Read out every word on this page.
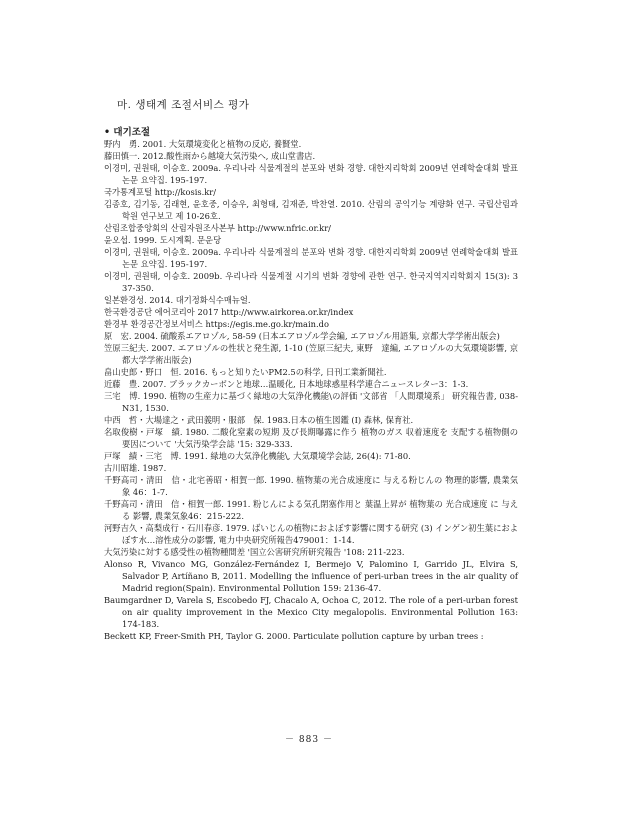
마. 생태계 조절서비스 평가
• 대기조절
野内　勇. 2001. 大気環境変化と植物の反応, 養賢堂.
藤田慎一. 2012.酸性雨から越境大気汚染へ, 成山堂書店.
이경미, 권원태, 이승호. 2009a. 우리나라 식물계절의 분포와 변화 경향. 대한지리학회 2009년 연례학술대회 발표논문 요약집. 195-197.
국가통계포털 http://kosis.kr/
김종호, 김기동, 김래현, 윤호중, 이승우, 최형태, 김재준, 박찬열. 2010. 산림의 공익기능 계량화 연구. 국립산림과학원 연구보고 제 10-26호.
산림조합중앙회의 산림자원조사본부 http://www.nfric.or.kr/
윤오섭. 1999. 도시계획. 문운당
이경미, 권원태, 이승호. 2009a. 우리나라 식물계절의 분포와 변화 경향. 대한지리학회 2009년 연례학술대회 발표논문 요약집. 195-197.
이경미, 권원태, 이승호. 2009b. 우리나라 식물계절 시기의 변화 경향에 관한 연구. 한국지역지리학회지 15(3): 337-350.
일본환경성. 2014. 대기정화식수매뉴얼.
한국환경공단 에어코리아 2017 http://www.airkorea.or.kr/index
환경부 환경공간정보서비스 https://egis.me.go.kr/main.do
原　宏. 2004. 硫酸系エアロゾル, 58-59 (日本エアロゾル学会編, エアロゾル用語集, 京都大学学術出版会)
笠原三紀夫. 2007. エアロゾルの性状と発生源, 1-10 (笠原三紀夫, 東野　達編, エアロゾルの大気環境影響, 京都大学学術出版会)
畠山史郎・野口　恒. 2016. もっと知りたいPM2.5の科学, 日刊工業新聞社.
近藤　豊. 2007. ブラックカーボンと地球…温暖化, 日本地球惑星科学連合ニュースレター3：1-3.
三宅　博. 1990. 植物の生産力に基づく緑地の大気浄化機能\の評価 '文部省 「人間環境系」 研究報告書, 038-N31, 1530.
中西　哲・大場達之・武田義明・服部　保. 1983.日本の植生図鑑 (Ⅰ) 森林, 保育社.
名取俊樹・戸塚　績. 1980. 二酸化窒素の短期 及び長期曝露に作う 植物のガス 収着速度を 支配する植物側の要因について '大気汚染学会誌 '15: 329-333.
戸塚　績・三宅　博. 1991. 緑地の大気浄化機能\, 大気環境学会誌, 26(4): 71-80.
古川昭雄. 1987.
千野高司・清田　信・北宅善昭・相賀一郎. 1990. 植物葉の光合成速度に 与える粉じんの 物理的影響, 農業気象 46：1-7.
千野高司・清田　信・相賀一郎. 1991. 粉じんによる気孔閉塞作用と 葉温上昇が 植物葉の 光合成速度 に 与える 影響, 農業気象46：215-222.
河野吉久・高梨成行・石川春彦. 1979. ばいじんの植物におよぼす影響に関する研究 (3) インゲン初生葉におよぼす水…溶性成分の影響, 電力中央研究所報告479001：1-14.
大気汚染に対する感受性の植物種間差 '国立公害研究所研究報告 '108: 211-223.
Alonso R, Vivanco MG, González-Fernández I, Bermejo V, Palomino I, Garrido JL, Elvira S, Salvador P, Artíñano B, 2011. Modelling the influence of peri-urban trees in the air quality of Madrid region(Spain). Environmental Pollution 159: 2136-47.
Baumgardner D, Varela S, Escobedo FJ, Chacalo A, Ochoa C, 2012. The role of a peri-urban forest on air quality improvement in the Mexico City megalopolis. Environmental Pollution 163: 174-183.
Beckett KP, Freer-Smith PH, Taylor G. 2000. Particulate pollution capture by urban trees :
－ 883 －
